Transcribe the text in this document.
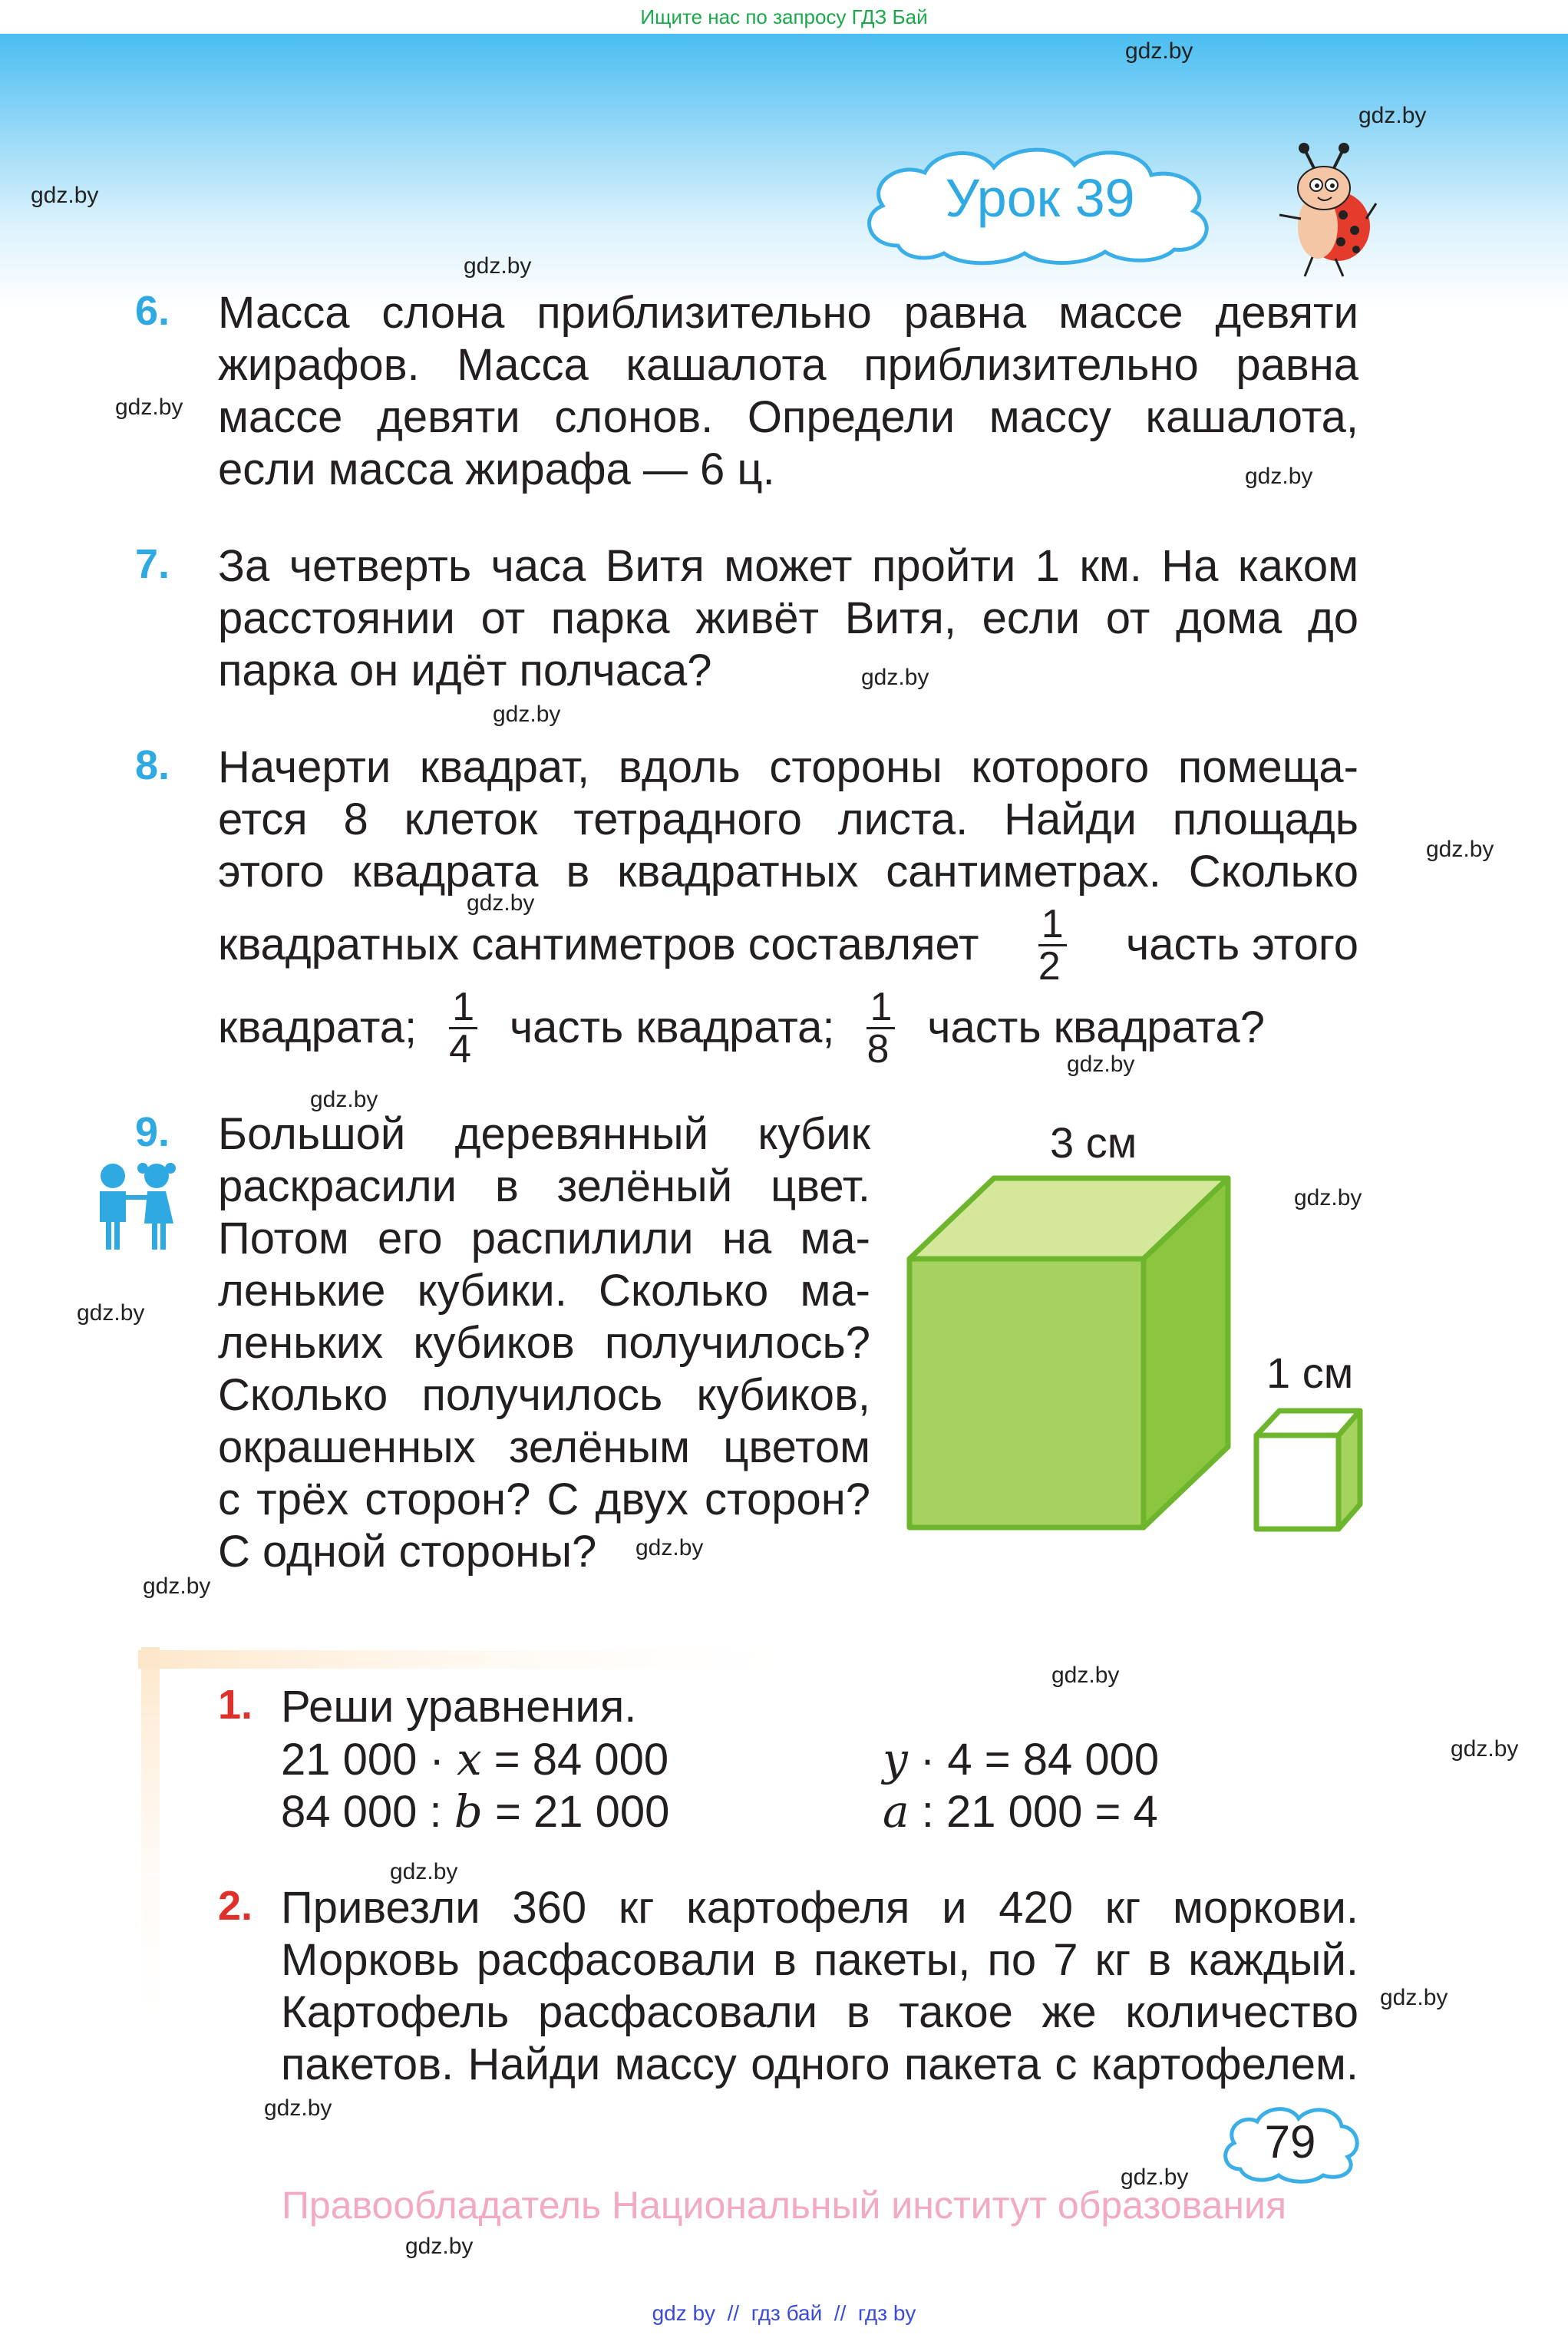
Ищите нас по запросу ГДЗ Бай
Урок 39
gdz.by
gdz.by
gdz.by
gdz.by
gdz.by
gdz.by
gdz.by
gdz.by
gdz.by
gdz.by
gdz.by
gdz.by
gdz.by
gdz.by
gdz.by
gdz.by
gdz.by
gdz.by
gdz.by
gdz.by
gdz.by
gdz.by
gdz.by
6. Масса слона приблизительно равна массе девяти
жирафов. Масса кашалота приблизительно равна
массе девяти слонов. Определи массу кашалота,
если масса жирафа — 6 ц.
7. За четверть часа Витя может пройти 1 км. На каком
расстоянии от парка живёт Витя, если от дома до
парка он идёт полчаса?
8. Начерти квадрат, вдоль стороны которого помеща-
ется 8 клеток тетрадного листа. Найди площадь
этого квадрата в квадратных сантиметрах. Сколько
квадратных сантиметров составляет $\frac{1}{2}$ часть этого
квадрата; $\frac{1}{4}$ часть квадрата; $\frac{1}{8}$ часть квадрата?
9. Большой деревянный кубик
раскрасили в зелёный цвет.
Потом его распилили на ма-
ленькие кубики. Сколько ма-
леньких кубиков получилось?
Сколько получилось кубиков,
окрашенных зелёным цветом
с трёх сторон? С двух сторон?
С одной стороны?
3 см
1 см
1. Реши уравнения.
21 000 · x = 84 000	y · 4 = 84 000
84 000 : b = 21 000	a : 21 000 = 4
2. Привезли 360 кг картофеля и 420 кг моркови.
Морковь расфасовали в пакеты, по 7 кг в каждый.
Картофель расфасовали в такое же количество
пакетов. Найди массу одного пакета с картофелем.
79
Правообладатель Национальный институт образования
gdz by  //  гдз бай  //  гдз by
